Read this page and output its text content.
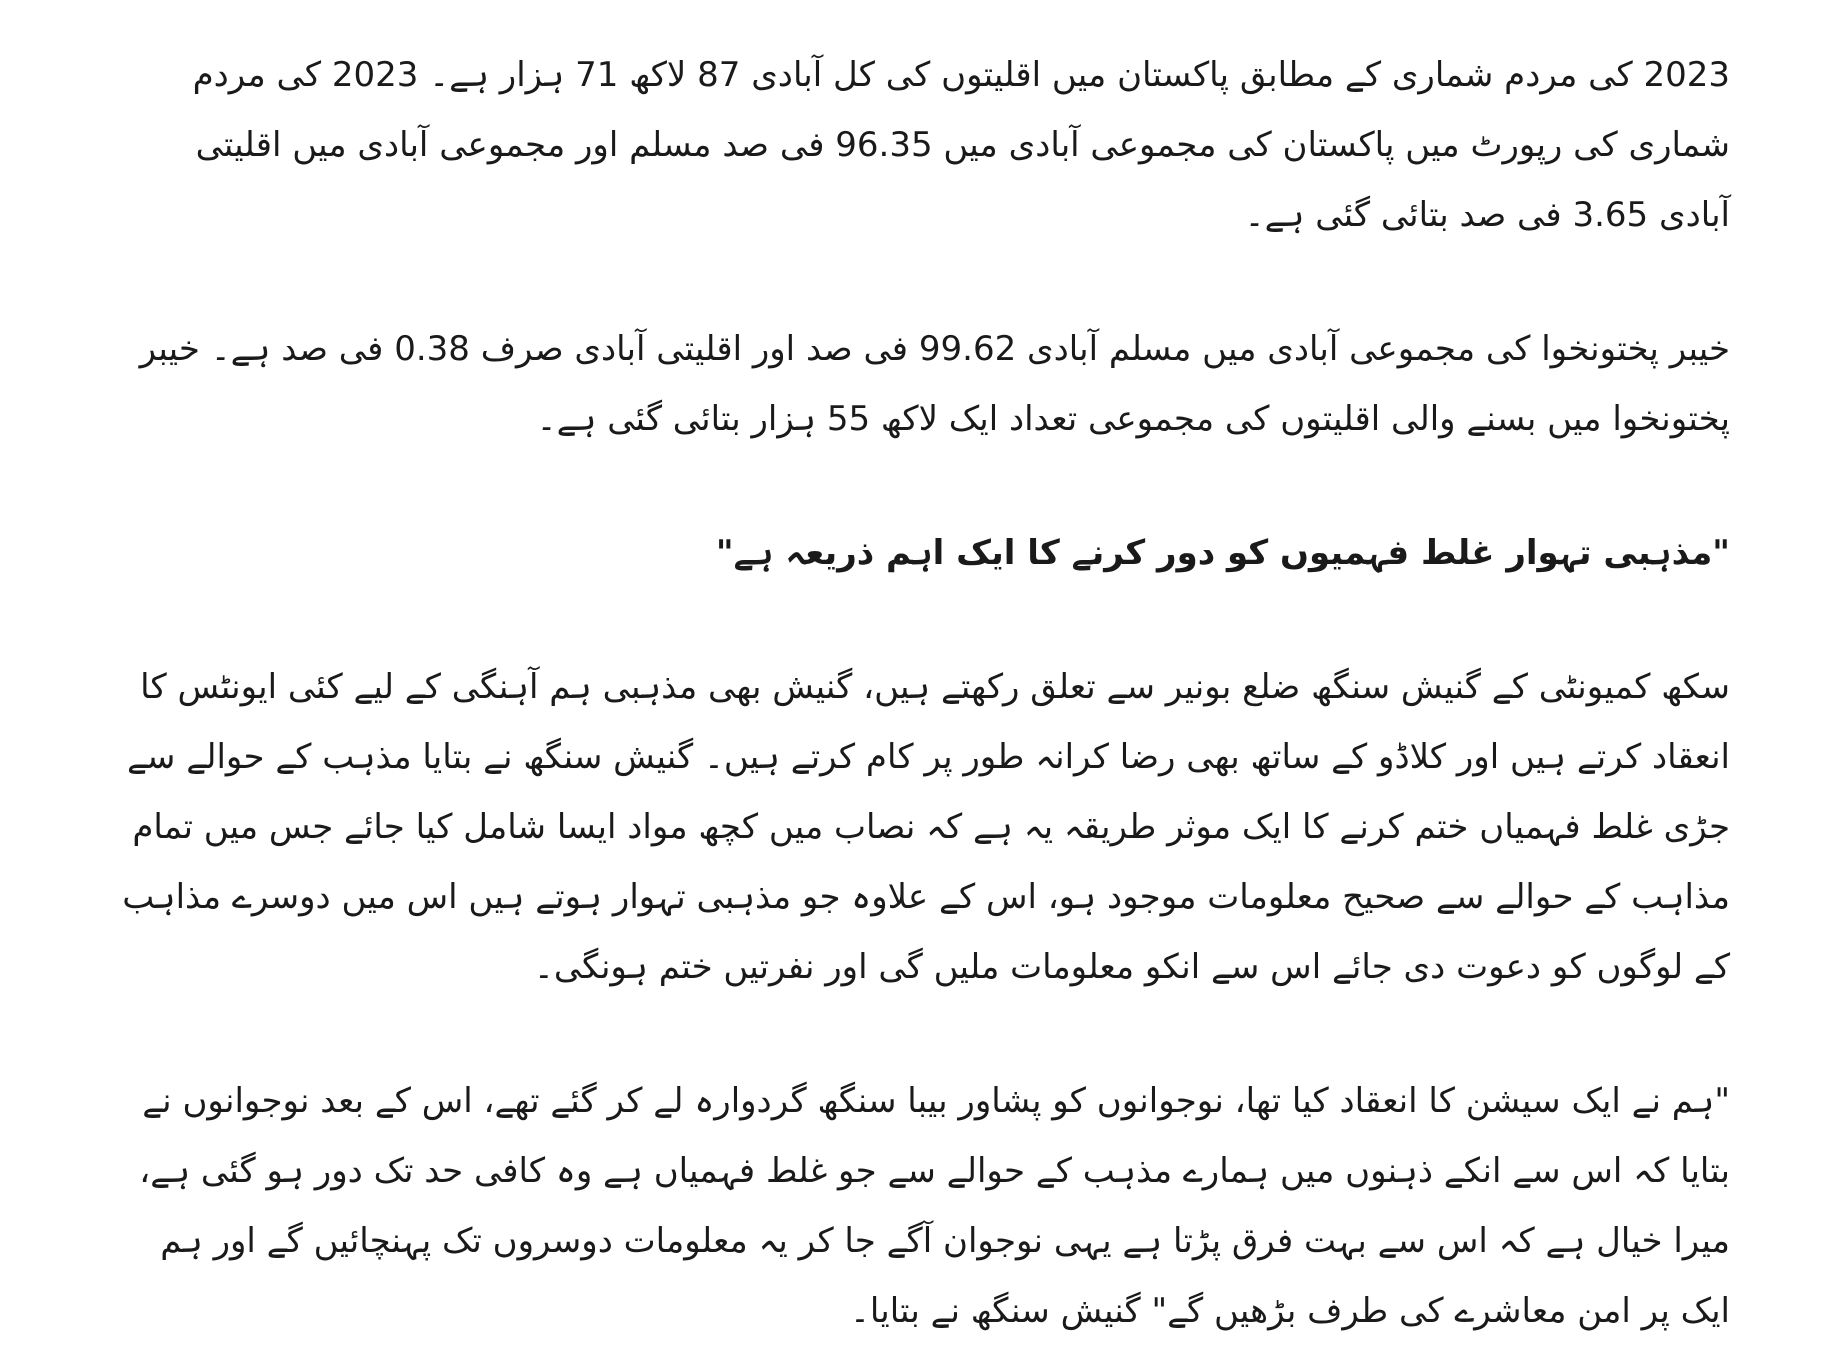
2023 کی مردم شماری کے مطابق پاکستان میں اقلیتوں کی کل آبادی 87 لاکھ 71 ہزار ہے۔ 2023 کی مردم شماری کی رپورٹ میں پاکستان کی مجموعی آبادی میں 96.35 فی صد مسلم اور مجموعی آبادی میں اقلیتی آبادی 3.65 فی صد بتائی گئی ہے۔

خیبر پختونخوا کی مجموعی آبادی میں مسلم آبادی 99.62 فی صد اور اقلیتی آبادی صرف 0.38 فی صد ہے۔ خیبر پختونخوا میں بسنے والی اقلیتوں کی مجموعی تعداد ایک لاکھ 55 ہزار بتائی گئی ہے۔

"مذہبی تہوار غلط فہمیوں کو دور کرنے کا ایک اہم ذریعہ ہے"

سکھ کمیونٹی کے گنیش سنگھ ضلع بونیر سے تعلق رکھتے ہیں، گنیش بھی مذہبی ہم آہنگی کے لیے کئی ایونٹس کا انعقاد کرتے ہیں اور کلاڈو کے ساتھ بھی رضا کرانہ طور پر کام کرتے ہیں۔ گنیش سنگھ نے بتایا مذہب کے حوالے سے جڑی غلط فہمیاں ختم کرنے کا ایک موثر طریقہ یہ ہے کہ نصاب میں کچھ مواد ایسا شامل کیا جائے جس میں تمام مذاہب کے حوالے سے صحیح معلومات موجود ہو، اس کے علاوہ جو مذہبی تہوار ہوتے ہیں اس میں دوسرے مذاہب کے لوگوں کو دعوت دی جائے اس سے انکو معلومات ملیں گی اور نفرتیں ختم ہونگی۔

"ہم نے ایک سیشن کا انعقاد کیا تھا، نوجوانوں کو پشاور بیبا سنگھ گردوارہ لے کر گئے تھے، اس کے بعد نوجوانوں نے بتایا کہ اس سے انکے ذہنوں میں ہمارے مذہب کے حوالے سے جو غلط فہمیاں ہے وہ کافی حد تک دور ہو گئی ہے، میرا خیال ہے کہ اس سے بہت فرق پڑتا ہے یہی نوجوان آگے جا کر یہ معلومات دوسروں تک پہنچائیں گے اور ہم ایک پر امن معاشرے کی طرف بڑھیں گے" گنیش سنگھ نے بتایا۔
